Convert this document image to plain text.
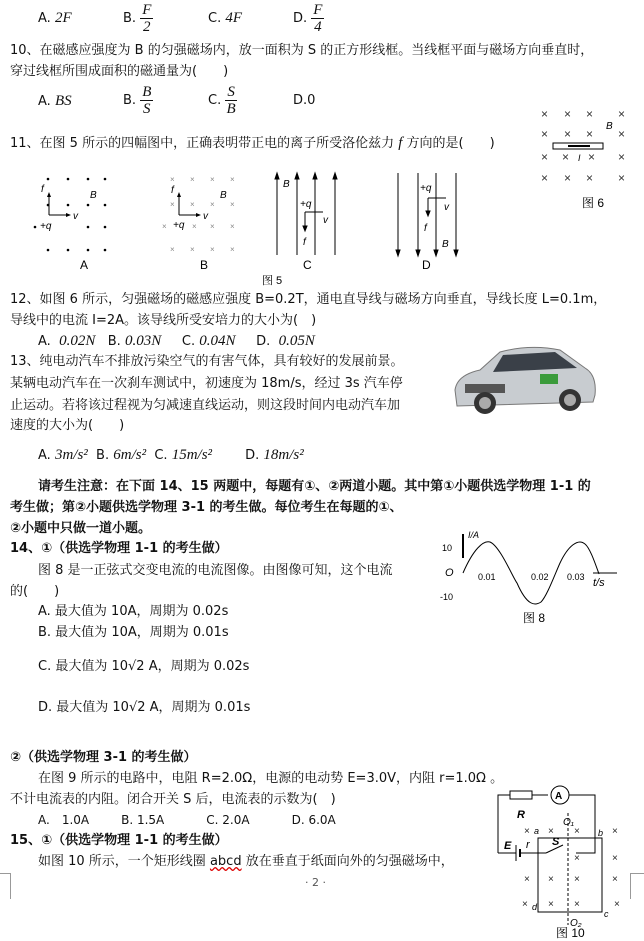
A. 2F	B. $\frac{F}{2}$	C. 4F	D. $\frac{F}{4}$
10、在磁感应强度为 B 的匀强磁场内，放一面积为 S 的正方形线框。当线框平面与磁场方向垂直时，
穿过线框所围成面积的磁通量为(　　)
A. BS	B. $\frac{B}{S}$	C. $\frac{S}{B}$	D.0
11、在图 5 所示的四幅图中，正确表明带正电的离子所受洛伦兹力 f 方向的是(　　)
f
B
v
+q
A
× × × ×
× × × ×
×	× × ×
× × × ×
f	B
v
+q
B
B
+q
v
f
C
+q
v
f
B
D
图 5
× × × ×
× × × ×
× × × ×
× × × ×
B
I
图 6
12、如图 6 所示，匀强磁场的磁感应强度 B=0.2T，通电直导线与磁场方向垂直，导线长度 L=0.1m，
导线中的电流 I=2A。该导线所受安培力的大小为(　)
A. 0.02N B. 0.03N C. 0.04N D. 0.05N
13、纯电动汽车不排放污染空气的有害气体，具有较好的发展前景。
某辆电动汽车在一次刹车测试中，初速度为 18m/s，经过 3s 汽车停
止运动。若将该过程视为匀减速直线运动，则这段时间内电动汽车加
速度的大小为(　　)
A. 3m/s² B. 6m/s² C. 15m/s²	D. 18m/s²
请考生注意：在下面 14、15 两题中，每题有①、②两道小题。其中第①小题供选学物理 1-1 的
考生做；第②小题供选学物理 3-1 的考生做。每位考生在每题的①、
②小题中只做一道小题。
14、①（供选学物理 1-1 的考生做）
图 8 是一正弦式交变电流的电流图像。由图像可知，这个电流
的(　　)
A. 最大值为 10A，周期为 0.02s
B. 最大值为 10A，周期为 0.01s
C. 最大值为 10√2 A，周期为 0.02s
D. 最大值为 10√2 A，周期为 0.01s
I/A
10
-10
O	0.01	0.02 0.03 t/s
图 8
②（供选学物理 3-1 的考生做）
在图 9 所示的电路中，电阻 R=2.0Ω，电源的电动势 E=3.0V，内阻 r=1.0Ω 。
不计电流表的内阻。闭合开关 S 后，电流表的示数为(　)
A.　1.0A	B. 1.5A	C. 2.0A	D. 6.0A
15、①（供选学物理 1-1 的考生做）
如图 10 所示，一个矩形线圈 abcd 放在垂直于纸面向外的匀强磁场中，
· 2 ·
A
R
O₁
E r S
a	b
c
d
O₂
× × ×	×
×	×
× × ×	×
× × ×	×
图 10
